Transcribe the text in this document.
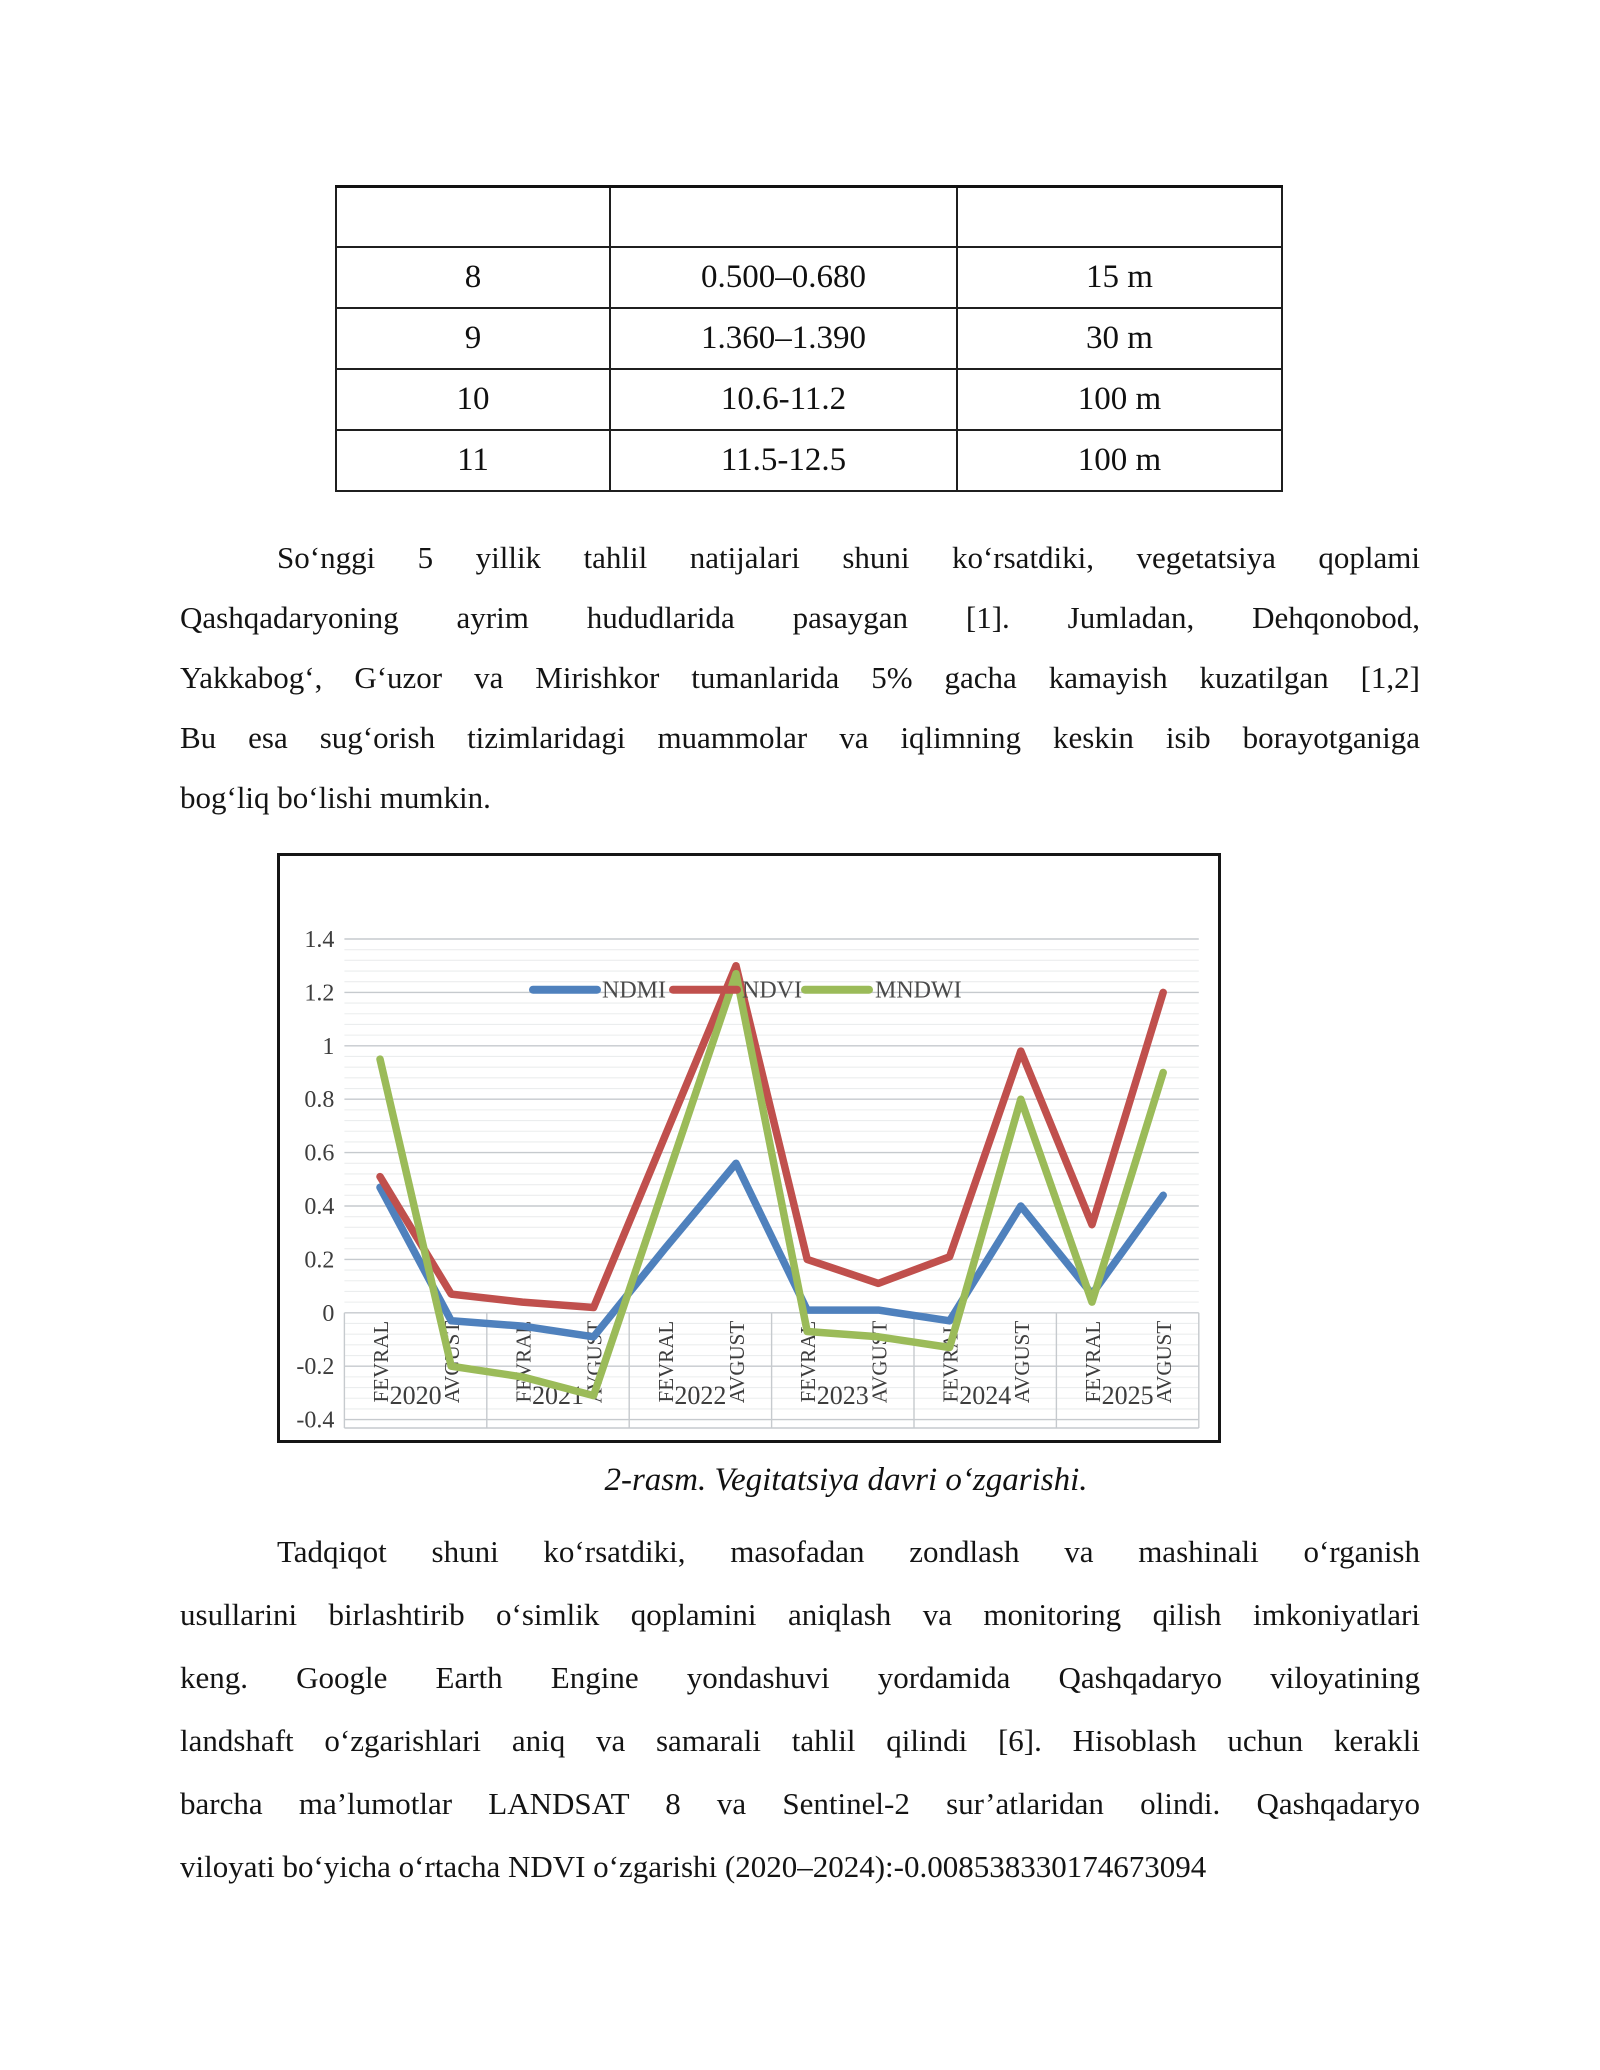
8	0.500–0.680	15 m
9	1.360–1.390	30 m
10	10.6-11.2	100 m
11	11.5-12.5	100 m
So‘nggi 5 yillik tahlil natijalari shuni ko‘rsatdiki, vegetatsiya qoplami
Qashqadaryoning ayrim hududlarida pasaygan [1]. Jumladan, Dehqonobod,
Yakkabog‘, G‘uzor va Mirishkor tumanlarida 5% gacha kamayish kuzatilgan [1,2]
Bu esa sug‘orish tizimlaridagi muammolar va iqlimning keskin isib borayotganiga
bog‘liq bo‘lishi mumkin.
-0.4
-0.2
0
0.2
0.4
0.6
0.8
1
1.2
1.4
FEVRAL AVGUST FEVRAL AVGUST FEVRAL AVGUST FEVRAL AVGUST FEVRAL AVGUST FEVRAL AVGUST
2020	2021	2022	2023	2024	2025
NDMI	NDVI	MNDWI
2-rasm. Vegitatsiya davri o‘zgarishi.
Tadqiqot shuni ko‘rsatdiki, masofadan zondlash va mashinali o‘rganish
usullarini birlashtirib o‘simlik qoplamini aniqlash va monitoring qilish imkoniyatlari
keng. Google Earth Engine yondashuvi yordamida Qashqadaryo viloyatining
landshaft o‘zgarishlari aniq va samarali tahlil qilindi [6]. Hisoblash uchun kerakli
barcha ma’lumotlar LANDSAT 8 va Sentinel-2 sur’atlaridan olindi. Qashqadaryo
viloyati bo‘yicha o‘rtacha NDVI o‘zgarishi (2020–2024):-0.008538330174673094
